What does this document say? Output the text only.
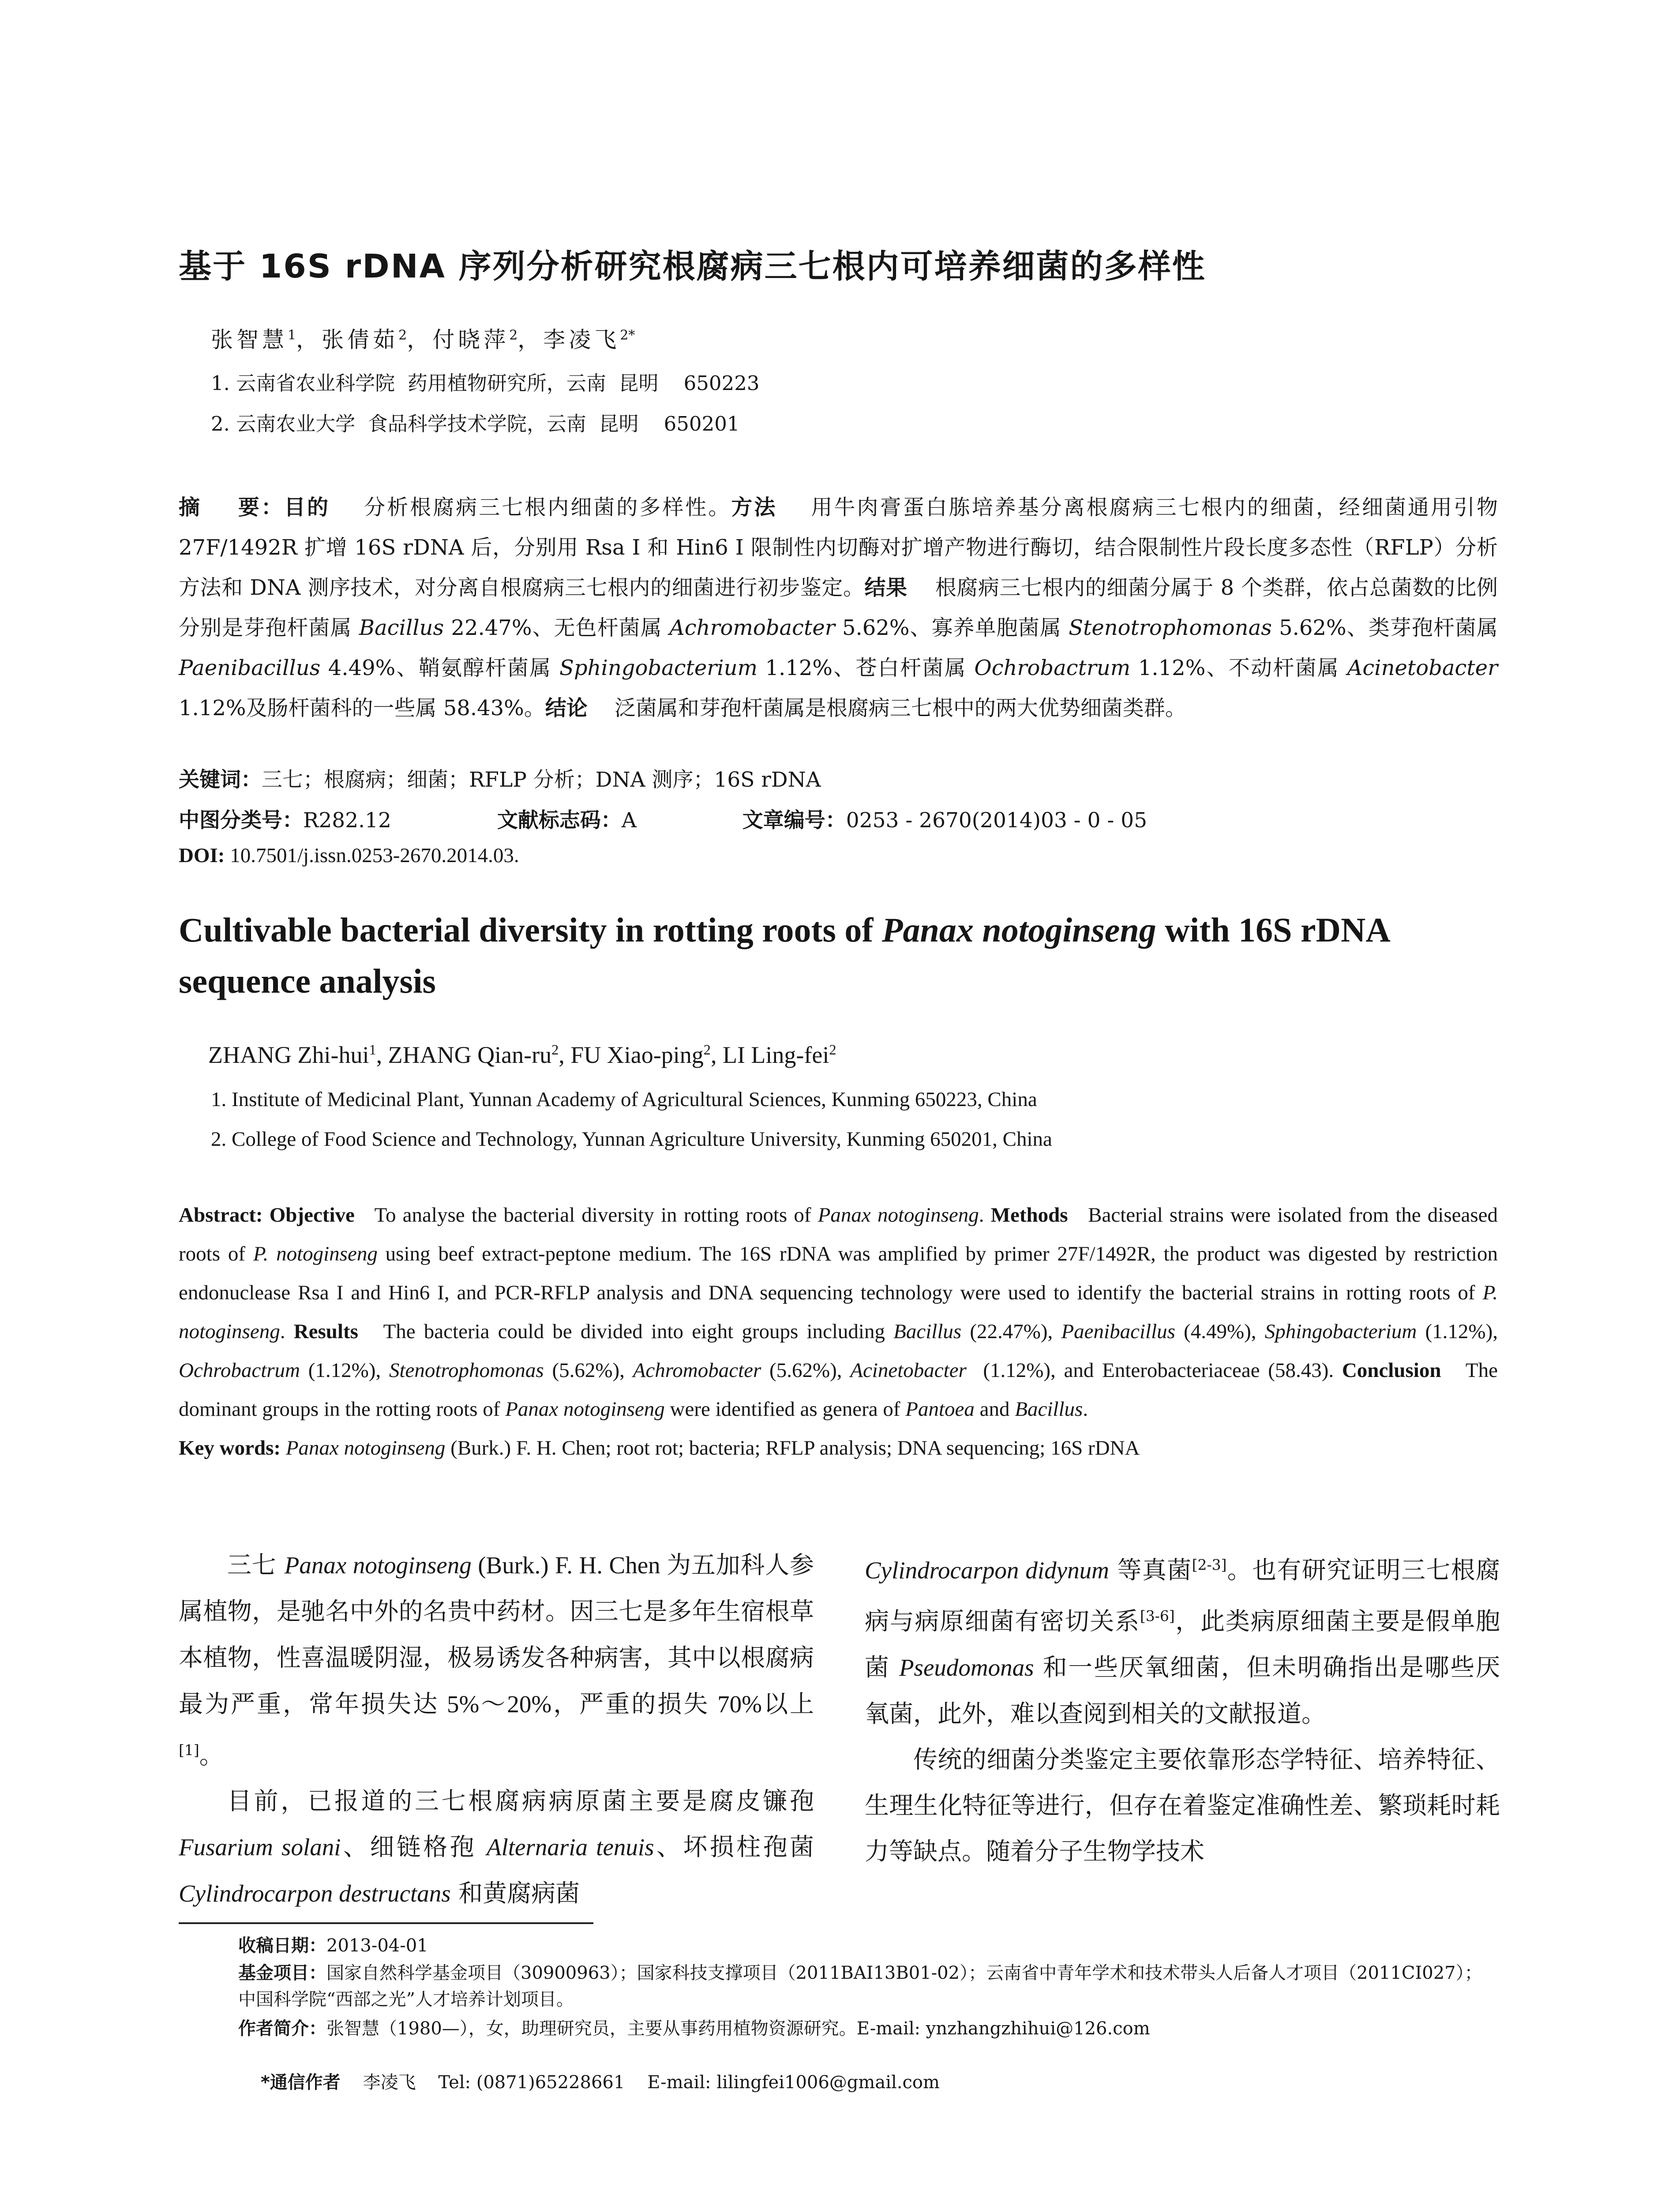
基于 16S rDNA 序列分析研究根腐病三七根内可培养细菌的多样性
张智慧$^1$，张倩茹$^2$，付晓萍$^2$，李凌飞$^{2*}$
1. 云南省农业科学院  药用植物研究所，云南  昆明    650223
2. 云南农业大学  食品科学技术学院，云南  昆明    650201
摘    要：目的    分析根腐病三七根内细菌的多样性。方法    用牛肉膏蛋白胨培养基分离根腐病三七根内的细菌，经细菌通用引物 27F/1492R 扩增 16S rDNA 后，分别用 Rsa I 和 Hin6 I 限制性内切酶对扩增产物进行酶切，结合限制性片段长度多态性（RFLP）分析方法和 DNA 测序技术，对分离自根腐病三七根内的细菌进行初步鉴定。结果    根腐病三七根内的细菌分属于 8 个类群，依占总菌数的比例分别是芽孢杆菌属 Bacillus 22.47%、无色杆菌属 Achromobacter 5.62%、寡养单胞菌属 Stenotrophomonas 5.62%、类芽孢杆菌属 Paenibacillus 4.49%、鞘氨醇杆菌属 Sphingobacterium 1.12%、苍白杆菌属 Ochrobactrum 1.12%、不动杆菌属 Acinetobacter 1.12%及肠杆菌科的一些属 58.43%。结论    泛菌属和芽孢杆菌属是根腐病三七根中的两大优势细菌类群。
关键词：三七；根腐病；细菌；RFLP 分析；DNA 测序；16S rDNA
中图分类号：R282.12	文献标志码：A	文章编号：0253 - 2670(2014)03 - 0 - 05
DOI: 10.7501/j.issn.0253-2670.2014.03.
Cultivable bacterial diversity in rotting roots of Panax notoginseng with 16S rDNA sequence analysis
ZHANG Zhi-hui$^1$, ZHANG Qian-$ru^2$, FU Xiao-ping$^2$, LI Ling-fei$^2$
1. Institute of Medicinal Plant, Yunnan Academy of Agricultural Sciences, Kunming 650223, China
2. College of Food Science and Technology, Yunnan Agriculture University, Kunming 650201, China
Abstract: Objective   To analyse the bacterial diversity in rotting roots of Panax notoginseng. Methods   Bacterial strains were isolated from the diseased roots of P. notoginseng using beef extract-peptone medium. The 16S rDNA was amplified by primer 27F/1492R, the product was digested by restriction endonuclease Rsa I and Hin6 I, and PCR-RFLP analysis and DNA sequencing technology were used to identify the bacterial strains in rotting roots of P. notoginseng. Results   The bacteria could be divided into eight groups including Bacillus (22.47%), Paenibacillus (4.49%), Sphingobacterium (1.12%), Ochrobactrum (1.12%), Stenotrophomonas (5.62%), Achromobacter (5.62%), Acinetobacter  (1.12%), and Enterobacteriaceae (58.43). Conclusion   The dominant groups in the rotting roots of Panax notoginseng were identified as genera of Pantoea and Bacillus.
Key words: Panax notoginseng (Burk.) F. H. Chen; root rot; bacteria; RFLP analysis; DNA sequencing; 16S rDNA

三七 Panax notoginseng (Burk.) F. H. Chen 为五加科人参属植物，是驰名中外的名贵中药材。因三七是多年生宿根草本植物，性喜温暖阴湿，极易诱发各种病害，其中以根腐病最为严重，常年损失达 5%～20%，严重的损失 70%以上[1]。

目前，已报道的三七根腐病病原菌主要是腐皮镰孢 Fusarium solani、细链格孢 Alternaria tenuis、坏损柱孢菌 Cylindrocarpon destructans 和黄腐病菌

Cylindrocarpon didynum 等真菌[2-3]。也有研究证明三七根腐病与病原细菌有密切关系[3-6]，此类病原细菌主要是假单胞菌 Pseudomonas 和一些厌氧细菌，但未明确指出是哪些厌氧菌，此外，难以查阅到相关的文献报道。

传统的细菌分类鉴定主要依靠形态学特征、培养特征、生理生化特征等进行，但存在着鉴定准确性差、繁琐耗时耗力等缺点。随着分子生物学技术

收稿日期：2013-04-01
基金项目：国家自然科学基金项目（30900963）；国家科技支撑项目（2011BAI13B01-02）；云南省中青年学术和技术带头人后备人才项目（2011CI027）；中国科学院“西部之光”人才培养计划项目。
作者简介：张智慧（1980—），女，助理研究员，主要从事药用植物资源研究。E-mail: ynzhangzhihui@126.com

*通信作者    李凌飞    Tel: (0871)65228661    E-mail: lilingfei1006@gmail.com
